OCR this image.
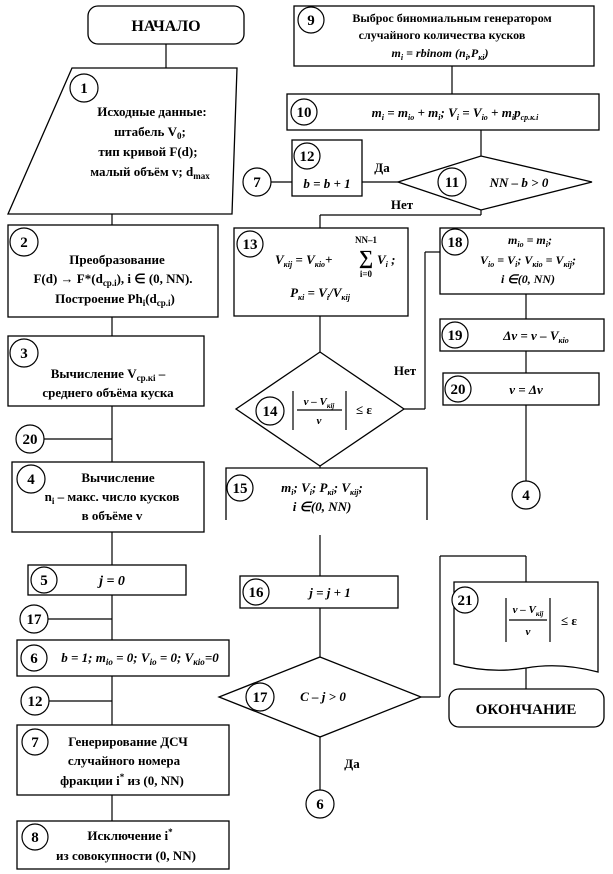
НАЧАЛО
1
Исходные данные:
штабель $V_0$;
тип кривой F(d);
малый объём v; $d_{max}$
2
Преобразование
$F(d) \to F*(d_{cp.i})$, i ∈ (0, NN).
Построение $Ph_i(d_{cp.i})$
3
Вычисление $V_{cp.кi}$ –
среднего объёма куска
20
4	Вычисление
$n_i$ – макс. число кусков
в объёме v
5	j = 0
17
6 b = 1; $m_{io} = 0$; $V_{io} = 0$; $V_{кio}=0$
12
7 Генерирование ДСЧ
случайного номера
фракции i* из (0, NN)
8	Исключение i*
из совокупности (0, NN)
9	Выброс биномиальным генератором
случайного количества кусков
$m_i$ = rbinom $(n_i,P_{кi})$
10	$m_i = m_{io} + m_i$; $V_i = V_{io} + m_ip_{cp.к.i}$
11 NN – b > 0
Да
12
b = b + 1
7
Нет
13	NN–1
∑
i=0
$V_{кij} = V_{кio}+$	$V_i$ ;
$P_{кi} = V_i/V_{кij}$
14
v – $V_{кij}$
v
≤ ε
Нет
15	$m_i$; $V_i$; $P_{кi}$; $V_{кij}$;
i ∈(0, NN)
16	j = j + 1
17	C – j > 0
Да
6
18	$m_{io} = m_i$;
$V_{io} = V_i$; $V_{кio} = V_{кij}$;
i ∈(0, NN)
19	$\Delta v = v - V_{кio}$
20	v = Δv
4
21
v – $V_{кij}$
v
≤ ε
ОКОНЧАНИЕ
